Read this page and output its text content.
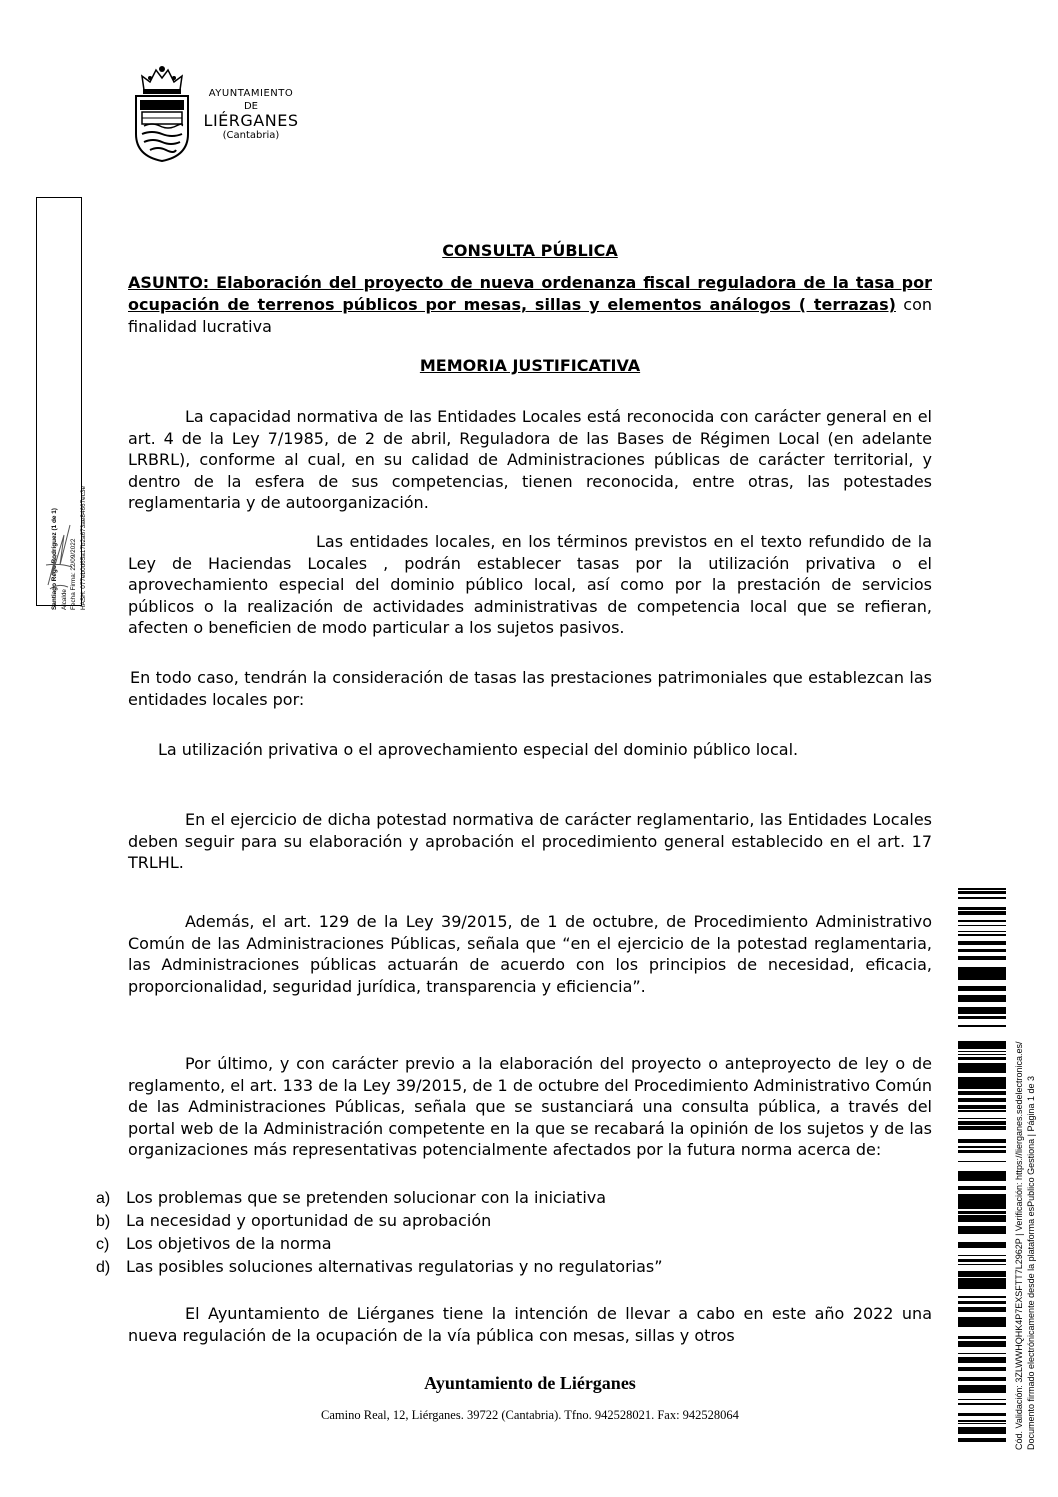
AYUNTAMIENTO
DE
LIÉRGANES
(Cantabria)
Santiago Rego Rodríguez (1 de 1) Alcalde Fecha Firma: 22/09/2022 HASH: 077eb0d65a17b2a673ae84667ec3e
Cód. Validación: 3ZLWWHQHK4P7EXSFTT7L2962P | Verificación: https://lierganes.sedelectronica.es/ Documento firmado electrónicamente desde la plataforma esPublico Gestiona | Página 1 de 3
CONSULTA PÚBLICA
ASUNTO: Elaboración del proyecto de nueva ordenanza fiscal reguladora de la tasa por ocupación de terrenos públicos por mesas, sillas y elementos análogos ( terrazas) con finalidad lucrativa
MEMORIA JUSTIFICATIVA
La capacidad normativa de las Entidades Locales está reconocida con carácter general en el art. 4 de la Ley 7/1985, de 2 de abril, Reguladora de las Bases de Régimen Local (en adelante LRBRL), conforme al cual, en su calidad de Administraciones públicas de carácter territorial, y dentro de la esfera de sus competencias, tienen reconocida, entre otras, las potestades reglamentaria y de autoorganización.
Las entidades locales, en los términos previstos en el texto refundido de la Ley de Haciendas Locales , podrán establecer tasas por la utilización privativa o el aprovechamiento especial del dominio público local, así como por la prestación de servicios públicos o la realización de actividades administrativas de competencia local que se refieran, afecten o beneficien de modo particular a los sujetos pasivos.
En todo caso, tendrán la consideración de tasas las prestaciones patrimoniales que establezcan las entidades locales por:
La utilización privativa o el aprovechamiento especial del dominio público local.
En el ejercicio de dicha potestad normativa de carácter reglamentario, las Entidades Locales deben seguir para su elaboración y aprobación el procedimiento general establecido en el art. 17 TRLHL.
Además, el art. 129 de la Ley 39/2015, de 1 de octubre, de Procedimiento Administrativo Común de las Administraciones Públicas, señala que “en el ejercicio de la potestad reglamentaria, las Administraciones públicas actuarán de acuerdo con los principios de necesidad, eficacia, proporcionalidad, seguridad jurídica, transparencia y eficiencia”.
Por último, y con carácter previo a la elaboración del proyecto o anteproyecto de ley o de reglamento, el art. 133 de la Ley 39/2015, de 1 de octubre del Procedimiento Administrativo Común de las Administraciones Públicas, señala que se sustanciará una consulta pública, a través del portal web de la Administración competente en la que se recabará la opinión de los sujetos y de las organizaciones más representativas potencialmente afectados por la futura norma acerca de:
a) Los problemas que se pretenden solucionar con la iniciativa
b) La necesidad y oportunidad de su aprobación
c) Los objetivos de la norma
d) Las posibles soluciones alternativas regulatorias y no regulatorias”
El Ayuntamiento de Liérganes tiene la intención de llevar a cabo en este año 2022 una nueva regulación de la ocupación de la vía pública con mesas, sillas y otros
Ayuntamiento de Liérganes
Camino Real, 12, Liérganes. 39722 (Cantabria). Tfno. 942528021. Fax: 942528064
